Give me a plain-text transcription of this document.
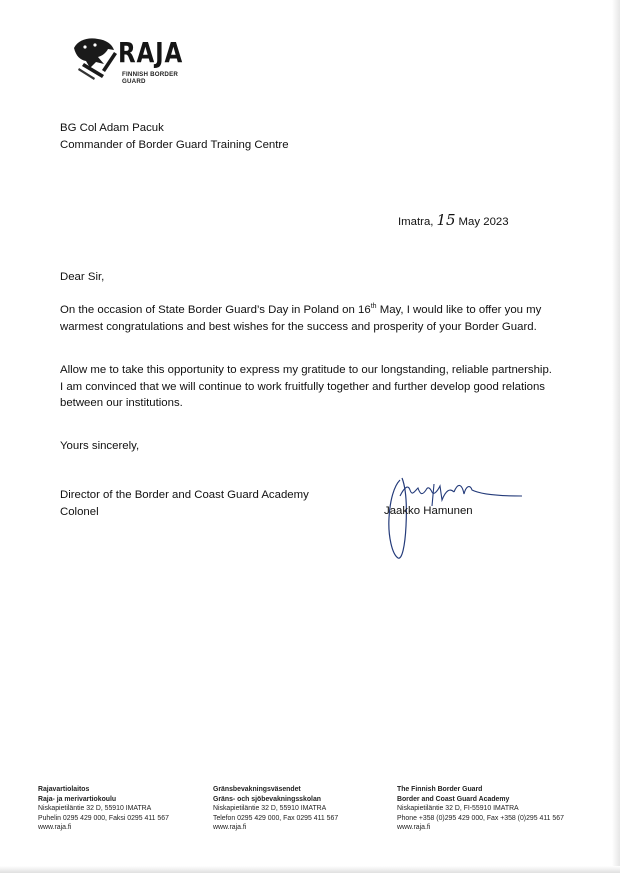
RAJA
FINNISH BORDER GUARD
BG Col Adam Pacuk
Commander of Border Guard Training Centre
Imatra, 15 May 2023
Dear Sir,
On the occasion of State Border Guard’s Day in Poland on 16th May, I would like to offer you my warmest congratulations and best wishes for the success and prosperity of your Border Guard.
Allow me to take this opportunity to express my gratitude to our longstanding, reliable partnership. I am convinced that we will continue to work fruitfully together and further develop good relations between our institutions.
Yours sincerely,
Director of the Border and Coast Guard Academy
Colonel	Jaakko Hamunen
Rajavartiolaitos
Raja- ja merivartiokoulu
Niskapietiläntie 32 D, 55910 IMATRA
Puhelin 0295 429 000, Faksi 0295 411 567
www.raja.fi
Gränsbevakningsväsendet
Gräns- och sjöbevakningsskolan
Niskapietiläntie 32 D, 55910 IMATRA
Telefon 0295 429 000, Fax 0295 411 567
www.raja.fi
The Finnish Border Guard
Border and Coast Guard Academy
Niskapietiläntie 32 D, FI-55910 IMATRA
Phone +358 (0)295 429 000, Fax +358 (0)295 411 567
www.raja.fi
